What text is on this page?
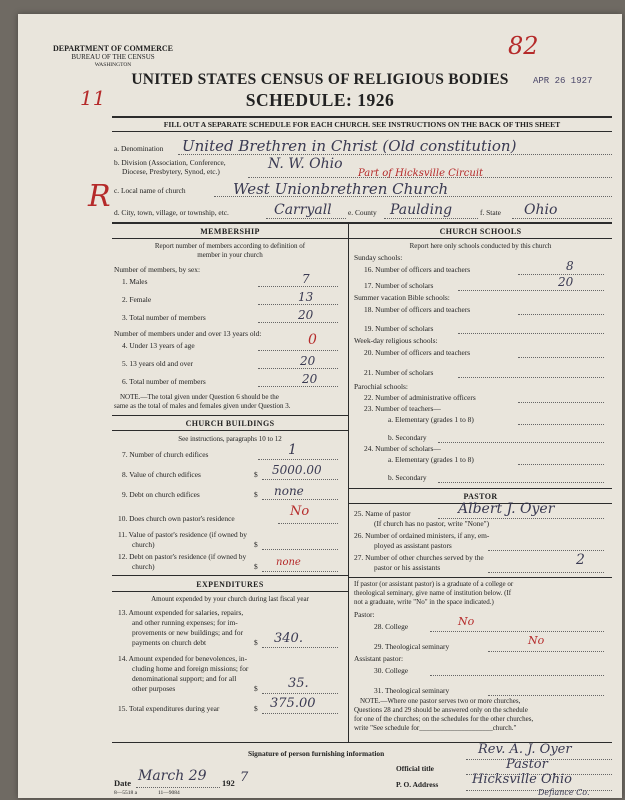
DEPARTMENT OF COMMERCE
BUREAU OF THE CENSUS
WASHINGTON
UNITED STATES CENSUS OF RELIGIOUS BODIES
SCHEDULE: 1926
APR 26 1927
82
11
R
FILL OUT A SEPARATE SCHEDULE FOR EACH CHURCH. SEE INSTRUCTIONS ON THE BACK OF THIS SHEET
a. Denomination United Brethren in Christ (Old constitution)
b. Division (Association, Conference,
Diocese, Presbytery, Synod, etc.)	N. W. Ohio
Part of Hicksville Circuit
c. Local name of church	West Unionbrethren Church
d. City, town, village, or township, etc.	Carryall e. County Paulding	f. State Ohio
MEMBERSHIP
Report number of members according to definition of
member in your church
Number of members, by sex:
1. Males	7
2. Female	13
3. Total number of members	20
Number of members under and over 13 years old:
4. Under 13 years of age	0
5. 13 years old and over	20
6. Total number of members	20
NOTE.—The total given under Question 6 should be the
same as the total of males and females given under Question 3.
CHURCH BUILDINGS
See instructions, paragraphs 10 to 12
7. Number of church edifices	1
8. Value of church edifices	$ 5000.00
9. Debt on church edifices	$ none
10. Does church own pastor's residence	No
11. Value of pastor's residence (if owned by
$
church)
12. Debt on pastor's residence (if owned by
church)	$ none
EXPENDITURES
Amount expended by your church during last fiscal year
13. Amount expended for salaries, repairs,
and other running expenses; for im-
provements or new buildings; and for
payments on church debt	$ 340.
14. Amount expended for benevolences, in-
cluding home and foreign missions; for
denominational support; and for all
other purposes	$ 35.
15. Total expenditures during year	$ 375.00
CHURCH SCHOOLS
Report here only schools conducted by this church
Sunday schools:
16. Number of officers and teachers	8
17. Number of scholars	20
Summer vacation Bible schools:
18. Number of officers and teachers
19. Number of scholars
Week-day religious schools:
20. Number of officers and teachers
21. Number of scholars
Parochial schools:
22. Number of administrative officers
23. Number of teachers—
a. Elementary (grades 1 to 8)
b. Secondary
24. Number of scholars—
a. Elementary (grades 1 to 8)
b. Secondary
PASTOR
25. Name of pastor	Albert J. Oyer
(If church has no pastor, write "None")
26. Number of ordained ministers, if any, em-
ployed as assistant pastors
27. Number of other churches served by the
pastor or his assistants	2
If pastor (or assistant pastor) is a graduate of a college or
theological seminary, give name of institution below. (If
not a graduate, write "No" in the space indicated.)
Pastor:
28. College	No
29. Theological seminary	No
Assistant pastor:
30. College
31. Theological seminary
NOTE.—Where one pastor serves two or more churches,
Questions 28 and 29 should be answered only on the schedule
for one of the churches; on the schedules for the other churches,
write "See schedule for_____________________church."
Signature of person furnishing information	Rev. A. J. Oyer
Official title	Pastor
Date March 29 192 7
8—5518 a	11—9084
P. O. Address	Hicksville Ohio
Defiance Co.
